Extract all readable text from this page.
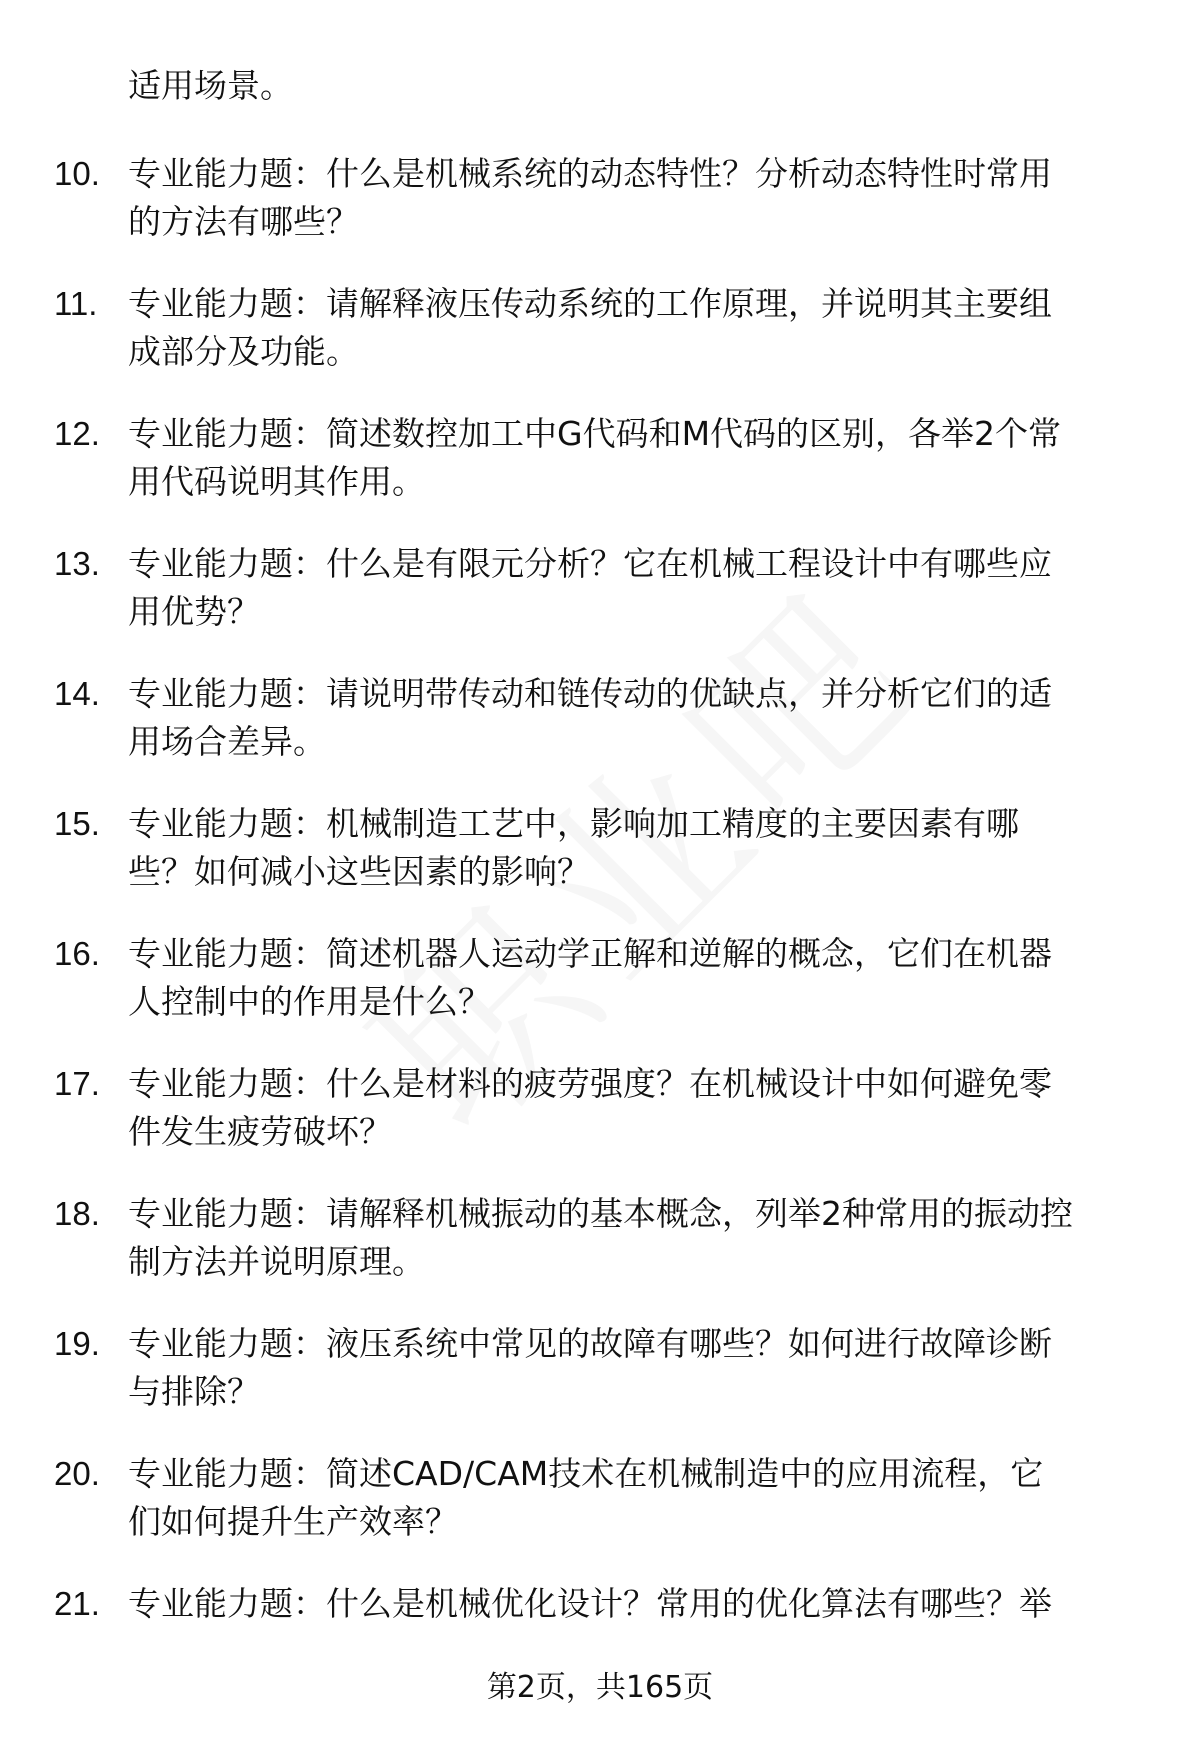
适用场景。

10. 专业能力题：什么是机械系统的动态特性？分析动态特性时常用
的方法有哪些？
11. 专业能力题：请解释液压传动系统的工作原理，并说明其主要组
成部分及功能。
12. 专业能力题：简述数控加工中G代码和M代码的区别，各举2个常
用代码说明其作用。
13. 专业能力题：什么是有限元分析？它在机械工程设计中有哪些应
用优势？
14. 专业能力题：请说明带传动和链传动的优缺点，并分析它们的适
用场合差异。
15. 专业能力题：机械制造工艺中，影响加工精度的主要因素有哪
些？如何减小这些因素的影响？
16. 专业能力题：简述机器人运动学正解和逆解的概念，它们在机器
人控制中的作用是什么？
17. 专业能力题：什么是材料的疲劳强度？在机械设计中如何避免零
件发生疲劳破坏？
18. 专业能力题：请解释机械振动的基本概念，列举2种常用的振动控
制方法并说明原理。
19. 专业能力题：液压系统中常见的故障有哪些？如何进行故障诊断
与排除？
20. 专业能力题：简述CAD/CAM技术在机械制造中的应用流程，它
们如何提升生产效率？
21. 专业能力题：什么是机械优化设计？常用的优化算法有哪些？举
第2页，共165页
